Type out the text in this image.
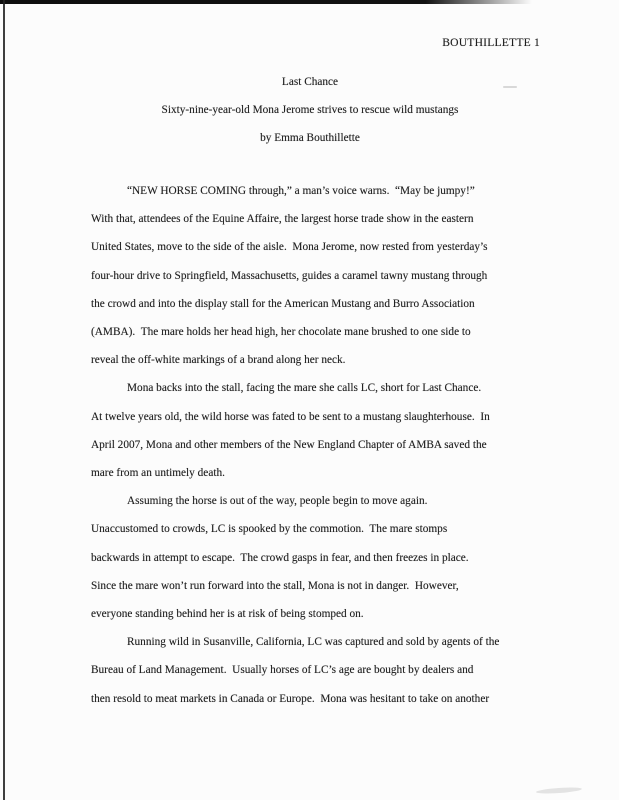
BOUTHILLETTE 1
Last Chance
Sixty-nine-year-old Mona Jerome strives to rescue wild mustangs
by Emma Bouthillette
“NEW HORSE COMING through,” a man’s voice warns.  “May be jumpy!”
With that, attendees of the Equine Affaire, the largest horse trade show in the eastern
United States, move to the side of the aisle.  Mona Jerome, now rested from yesterday’s
four-hour drive to Springfield, Massachusetts, guides a caramel tawny mustang through
the crowd and into the display stall for the American Mustang and Burro Association
(AMBA).  The mare holds her head high, her chocolate mane brushed to one side to
reveal the off-white markings of a brand along her neck.
Mona backs into the stall, facing the mare she calls LC, short for Last Chance.
At twelve years old, the wild horse was fated to be sent to a mustang slaughterhouse.  In
April 2007, Mona and other members of the New England Chapter of AMBA saved the
mare from an untimely death.
Assuming the horse is out of the way, people begin to move again.
Unaccustomed to crowds, LC is spooked by the commotion.  The mare stomps
backwards in attempt to escape.  The crowd gasps in fear, and then freezes in place.
Since the mare won’t run forward into the stall, Mona is not in danger.  However,
everyone standing behind her is at risk of being stomped on.
Running wild in Susanville, California, LC was captured and sold by agents of the
Bureau of Land Management.  Usually horses of LC’s age are bought by dealers and
then resold to meat markets in Canada or Europe.  Mona was hesitant to take on another
